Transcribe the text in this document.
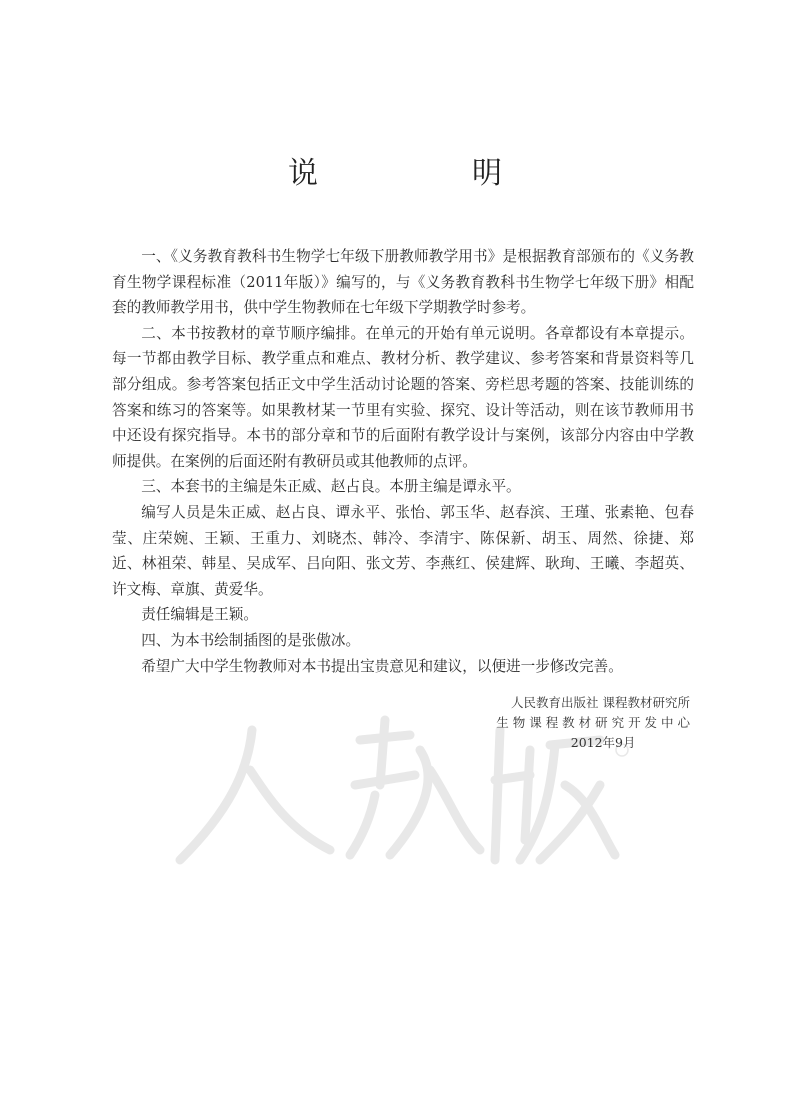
说　明

一、《义务教育教科书生物学七年级下册教师教学用书》是根据教育部颁布的《义务教育生物学课程标准（2011年版）》编写的，与《义务教育教科书生物学七年级下册》相配套的教师教学用书，供中学生物教师在七年级下学期教学时参考。

二、本书按教材的章节顺序编排。在单元的开始有单元说明。各章都设有本章提示。每一节都由教学目标、教学重点和难点、教材分析、教学建议、参考答案和背景资料等几部分组成。参考答案包括正文中学生活动讨论题的答案、旁栏思考题的答案、技能训练的答案和练习的答案等。如果教材某一节里有实验、探究、设计等活动，则在该节教师用书中还设有探究指导。本书的部分章和节的后面附有教学设计与案例，该部分内容由中学教师提供。在案例的后面还附有教研员或其他教师的点评。

三、本套书的主编是朱正威、赵占良。本册主编是谭永平。

编写人员是朱正威、赵占良、谭永平、张怡、郭玉华、赵春滨、王瑾、张素艳、包春莹、庄荣婉、王颖、王重力、刘晓杰、韩冷、李清宇、陈保新、胡玉、周然、徐捷、郑近、林祖荣、韩星、吴成军、吕向阳、张文芳、李燕红、侯建辉、耿珣、王曦、李超英、许文梅、章旗、黄爱华。

责任编辑是王颖。

四、为本书绘制插图的是张傲冰。

希望广大中学生物教师对本书提出宝贵意见和建议，以便进一步修改完善。

人民教育出版社 课程教材研究所
生 物 课 程 教 材 研 究 开 发 中 心
2012年9月
